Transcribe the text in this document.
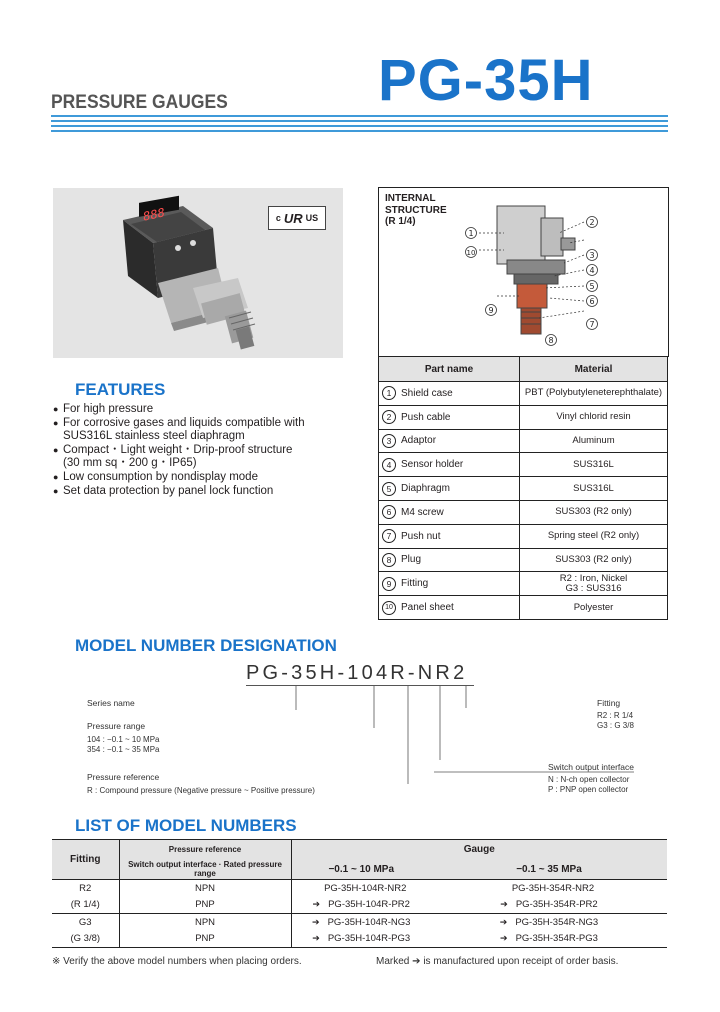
PG-35H
PRESSURE GAUGES
888	c UR US
FEATURES
● For high pressure
● For corrosive gases and liquids compatible with
SUS316L stainless steel diaphragm
● Compact・Light weight・Drip-proof structure
(30 mm sq・200 g・IP65)
● Low consumption by nondisplay mode
● Set data protection by panel lock function
1
2
3
4
5
6
7
8
9
10
INTERNAL
STRUCTURE
(R 1/4)
Part name		Material
1	Shield case	PBT (Polybutyleneterephthalate)
2	Push cable	Vinyl chlorid resin
3	Adaptor	Aluminum
4	Sensor holder	SUS316L
5	Diaphragm	SUS316L
6	M4 screw	SUS303 (R2 only)
7	Push nut	Spring steel (R2 only)
8	Plug	SUS303 (R2 only)
9	Fitting	R2 : Iron, Nickel
G3 : SUS316

10	Panel sheet	Polyester
MODEL NUMBER DESIGNATION
PG-35H-104R-NR2
Series name
Pressure range
104 : −0.1 ~ 10 MPa
354 : −0.1 ~ 35 MPa
Pressure reference
R : Compound pressure (Negative pressure ~ Positive pressure)
Fitting
R2 : R 1/4
G3 : G 3/8
Switch output interface
N : N-ch open collector
P : PNP open collector
LIST OF MODEL NUMBERS
Fitting	Pressure reference	Gauge	
	Switch output interface · Rated pressure range	−0.1 ~ 10 MPa	−0.1 ~ 35 MPa
R2	NPN	PG-35H-104R-NR2	PG-35H-354R-NR2
(R 1/4)	PNP	➔ PG-35H-104R-PR2	➔ PG-35H-354R-PR2
G3	NPN	➔ PG-35H-104R-NG3	➔ PG-35H-354R-NG3
(G 3/8)	PNP	➔ PG-35H-104R-PG3	➔ PG-35H-354R-PG3
※ Verify the above model numbers when placing orders.	Marked ➔ is manufactured upon receipt of order basis.
